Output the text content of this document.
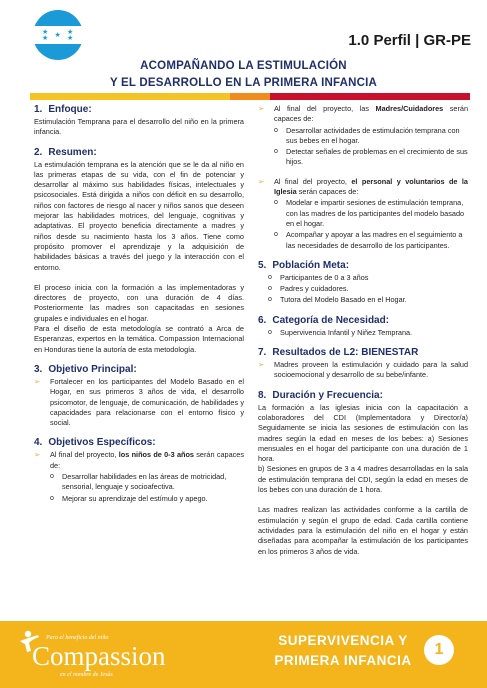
★	★
★
★	★	1.0 Perfil | GR-PE
ACOMPAÑANDO LA ESTIMULACIÓN
Y EL DESARROLLO EN LA PRIMERA INFANCIA
1. Enfoque:

Estimulación Temprana para el desarrollo del niño en la primera infancia.

2. Resumen:

La estimulación temprana es la atención que se le da al niño en las primeras etapas de su vida, con el fin de potenciar y desarrollar al máximo sus habilidades físicas, intelectuales y psicosociales. Está dirigida a niños con déficit en su desarrollo, niños con factores de riesgo al nacer y niños sanos que deseen mejorar las habilidades motrices, del lenguaje, cognitivas y adaptativas. El proyecto beneficia directamente a madres y niños desde su nacimiento hasta los 3 años. Tiene como propósito promover el aprendizaje y la adquisición de habilidades básicas a través del juego y la interacción con el entorno.

El proceso inicia con la formación a las implementadoras y directores de proyecto, con una duración de 4 días. Posteriormente las madres son capacitadas en sesiones grupales e individuales en el hogar.

Para el diseño de esta metodología se contrató a Arca de Esperanzas, expertos en la temática. Compassion Internacional en Honduras tiene la autoría de esta metodología.

3. Objetivo Principal:

➢ Fortalecer en los participantes del Modelo Basado en el Hogar, en sus primeros 3 años de vida, el desarrollo psicomotor, de lenguaje, de comunicación, de habilidades y capacidades para relacionarse con el entorno físico y social.

4. Objetivos Específicos:

➢ Al final del proyecto, los niños de 0-3 años serán capaces de:

o Desarrollar habilidades en las áreas de motricidad, sensorial, lenguaje y socioafectiva.
o Mejorar su aprendizaje del estímulo y apego.

➢ Al final del proyecto, las Madres/Cuidadores serán capaces de:

o Desarrollar actividades de estimulación temprana con sus bebes en el hogar.
o Detectar señales de problemas en el crecimiento de sus hijos.

➢ Al final del proyecto, el personal y voluntarios de la Iglesia serán capaces de:

o Modelar e impartir sesiones de estimulación temprana, con las madres de los participantes del modelo basado en el hogar.
o Acompañar y apoyar a las madres en el seguimiento a las necesidades de desarrollo de los participantes.
5. Población Meta:
o Participantes de 0 a 3 años
o Padres y cuidadores.
o Tutora del Modelo Basado en el Hogar.
6. Categoría de Necesidad:
o Supervivencia Infantil y Niñez Temprana.
7. Resultados de L2: BIENESTAR

➢ Madres proveen la estimulación y cuidado para la salud socioemocional y desarrollo de su bebe/infante.

8. Duración y Frecuencia:

La formación a las iglesias inicia con la capacitación a colaboradores del CDI (Implementadora y Director/a) Seguidamente se inicia las sesiones de estimulación con las madres según la edad en meses de los bebes: a) Sesiones mensuales en el hogar del participante con una duración de 1 hora.

b) Sesiones en grupos de 3 a 4 madres desarrolladas en la sala de estimulación temprana del CDI, según la edad en meses de los bebes con una duración de 1 hora.

Las madres realizan las actividades conforme a la cartilla de estimulación y según el grupo de edad. Cada cartilla contiene actividades para la estimulación del niño en el hogar y están diseñadas para acompañar la estimulación de los participantes en los primeros 3 años de vida.

Para el beneficio del niño
Compassion
en el nombre de Jesús
SUPERVIVENCIA Y
PRIMERA INFANCIA
1
